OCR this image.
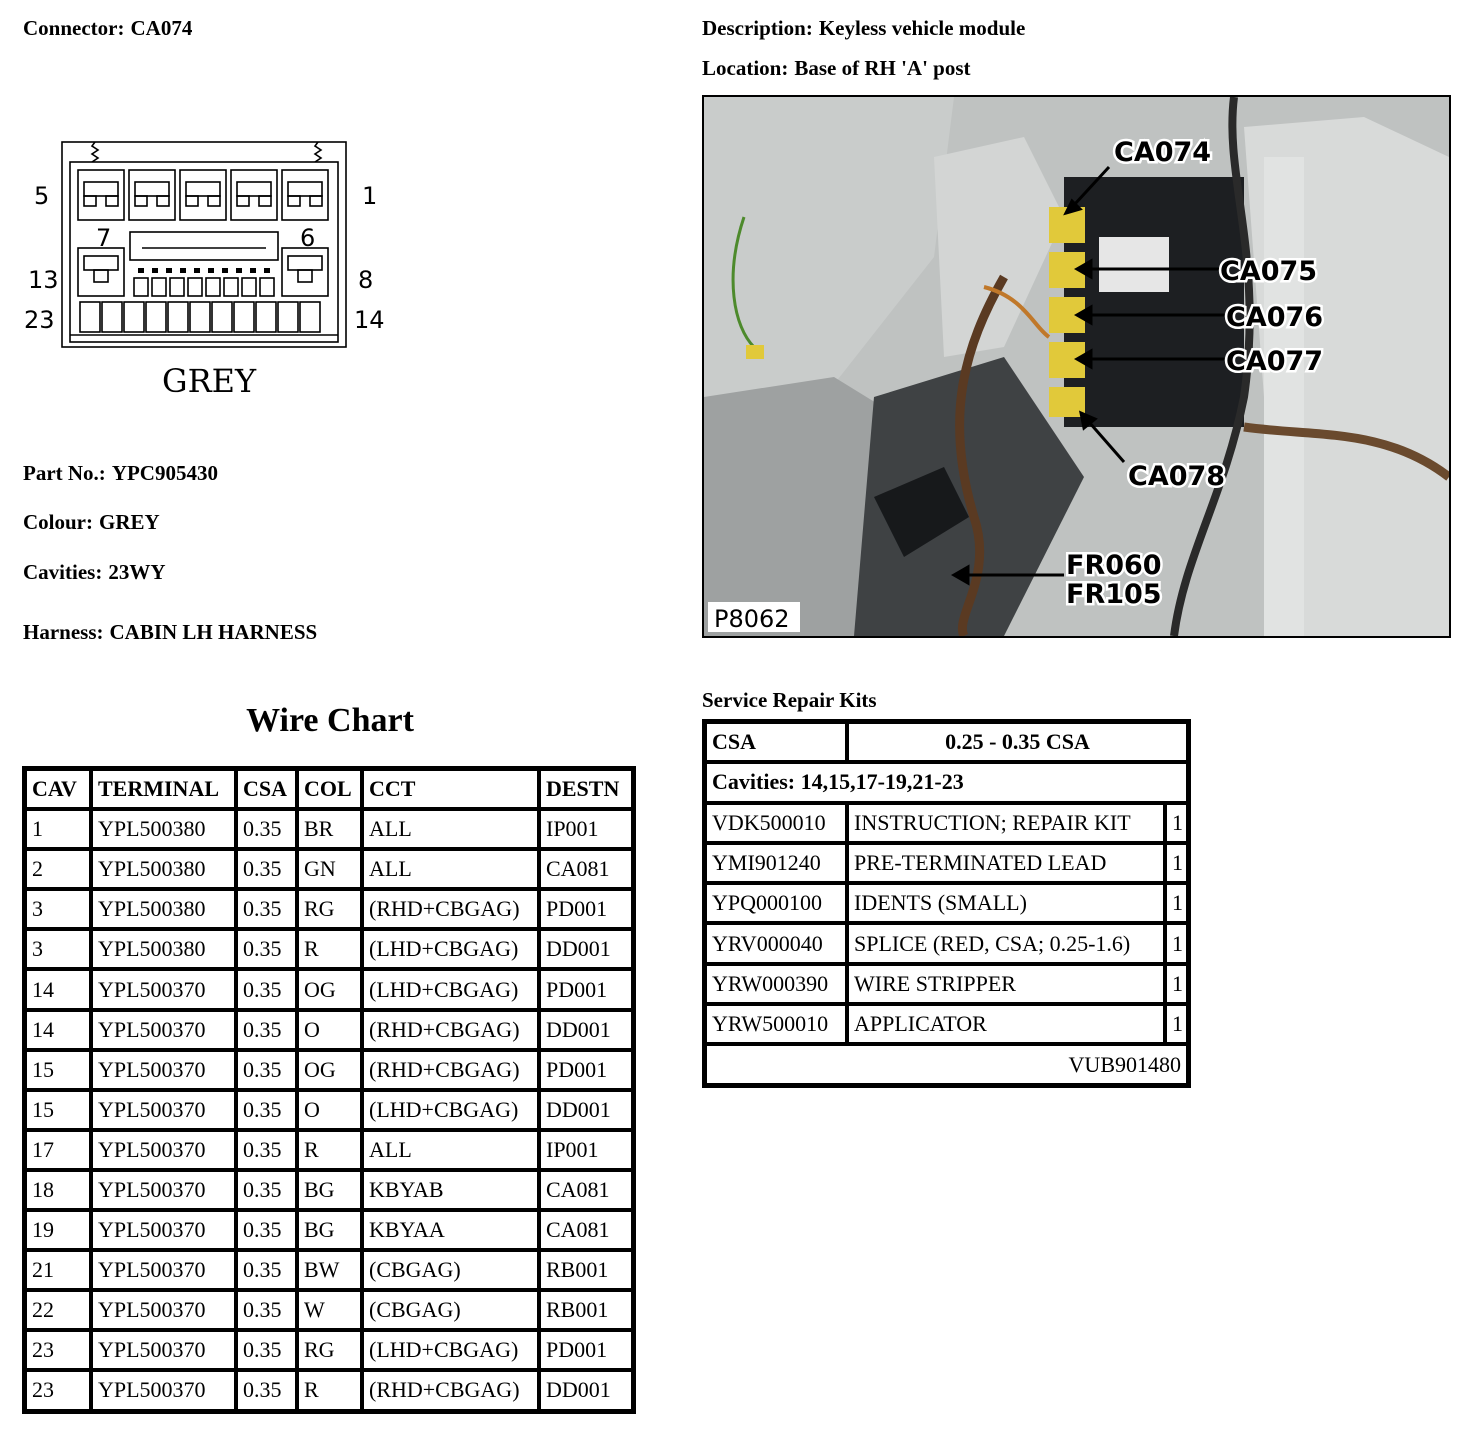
Connector: CA074	Description: Keyless vehicle module
Location: Base of RH 'A' post
5	1
7	6
13	8
23	14
GREY
CA074
CA075
CA076
CA077
CA078
FR060
FR105
P8062
Part No.: YPC905430
Colour: GREY
Cavities: 23WY
Harness: CABIN LH HARNESS
Wire Chart
CAV	TERMINAL	CSA	COL	CCT	DESTN
1	YPL500380	0.35	BR	ALL	IP001
2	YPL500380	0.35	GN	ALL	CA081
3	YPL500380	0.35	RG	(RHD+CBGAG)	PD001
3	YPL500380	0.35	R	(LHD+CBGAG)	DD001
14	YPL500370	0.35	OG	(LHD+CBGAG)	PD001
14	YPL500370	0.35	O	(RHD+CBGAG)	DD001
15	YPL500370	0.35	OG	(RHD+CBGAG)	PD001
15	YPL500370	0.35	O	(LHD+CBGAG)	DD001
17	YPL500370	0.35	R	ALL	IP001
18	YPL500370	0.35	BG	KBYAB	CA081
19	YPL500370	0.35	BG	KBYAA	CA081
21	YPL500370	0.35	BW	(CBGAG)	RB001
22	YPL500370	0.35	W	(CBGAG)	RB001
23	YPL500370	0.35	RG	(LHD+CBGAG)	PD001
23	YPL500370	0.35	R	(RHD+CBGAG)	DD001
Service Repair Kits
CSA	0.25 - 0.35 CSA	
Cavities: 14,15,17-19,21-23		
VDK500010	INSTRUCTION; REPAIR KIT	1
YMI901240	PRE-TERMINATED LEAD	1
YPQ000100	IDENTS (SMALL)	1
YRV000040	SPLICE (RED, CSA; 0.25-1.6)	1
YRW000390	WIRE STRIPPER	1
YRW500010	APPLICATOR	1
VUB901480		
